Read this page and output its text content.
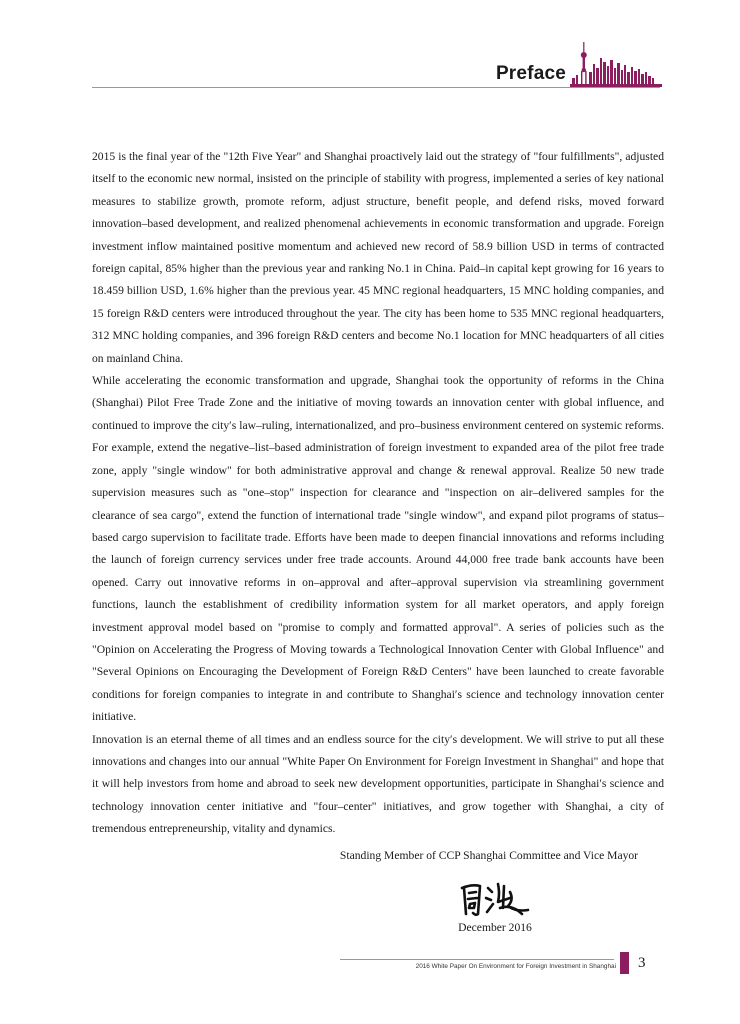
Preface

2015 is the final year of the "12th Five Year" and Shanghai proactively laid out the strategy of "four fulfillments", adjusted itself to the economic new normal, insisted on the principle of stability with progress, implemented a series of key national measures to stabilize growth, promote reform, adjust structure, benefit people, and defend risks, moved forward innovation–based development, and realized phenomenal achievements in economic transformation and upgrade. Foreign investment inflow maintained positive momentum and achieved new record of 58.9 billion USD in terms of contracted foreign capital, 85% higher than the previous year and ranking No.1 in China. Paid–in capital kept growing for 16 years to 18.459 billion USD, 1.6% higher than the previous year. 45 MNC regional headquarters, 15 MNC holding companies, and 15 foreign R&D centers were introduced throughout the year. The city has been home to 535 MNC regional headquarters, 312 MNC holding companies, and 396 foreign R&D centers and become No.1 location for MNC headquarters of all cities on mainland China.

While accelerating the economic transformation and upgrade, Shanghai took the opportunity of reforms in the China (Shanghai) Pilot Free Trade Zone and the initiative of moving towards an innovation center with global influence, and continued to improve the city′s law–ruling, internationalized, and pro–business environment centered on systemic reforms. For example, extend the negative–list–based administration of foreign investment to expanded area of the pilot free trade zone, apply "single window" for both administrative approval and change & renewal approval. Realize 50 new trade supervision measures such as "one–stop" inspection for clearance and "inspection on air–delivered samples for the clearance of sea cargo", extend the function of international trade "single window", and expand pilot programs of status–based cargo supervision to facilitate trade. Efforts have been made to deepen financial innovations and reforms including the launch of foreign currency services under free trade accounts. Around 44,000 free trade bank accounts have been opened. Carry out innovative reforms in on–approval and after–approval supervision via streamlining government functions, launch the establishment of credibility information system for all market operators, and apply foreign investment approval model based on "promise to comply and formatted approval". A series of policies such as the "Opinion on Accelerating the Progress of Moving towards a Technological Innovation Center with Global Influence" and "Several Opinions on Encouraging the Development of Foreign R&D Centers" have been launched to create favorable conditions for foreign companies to integrate in and contribute to Shanghai′s science and technology innovation center initiative.

Innovation is an eternal theme of all times and an endless source for the city′s development. We will strive to put all these innovations and changes into our annual "White Paper On Environment for Foreign Investment in Shanghai" and hope that it will help investors from home and abroad to seek new development opportunities, participate in Shanghai′s science and technology innovation center initiative and "four–center" initiatives, and grow together with Shanghai, a city of tremendous entrepreneurship, vitality and dynamics.

Standing Member of CCP Shanghai Committee and Vice Mayor
December 2016
2016 White Paper On Environment for Foreign Investment in Shanghai 3
